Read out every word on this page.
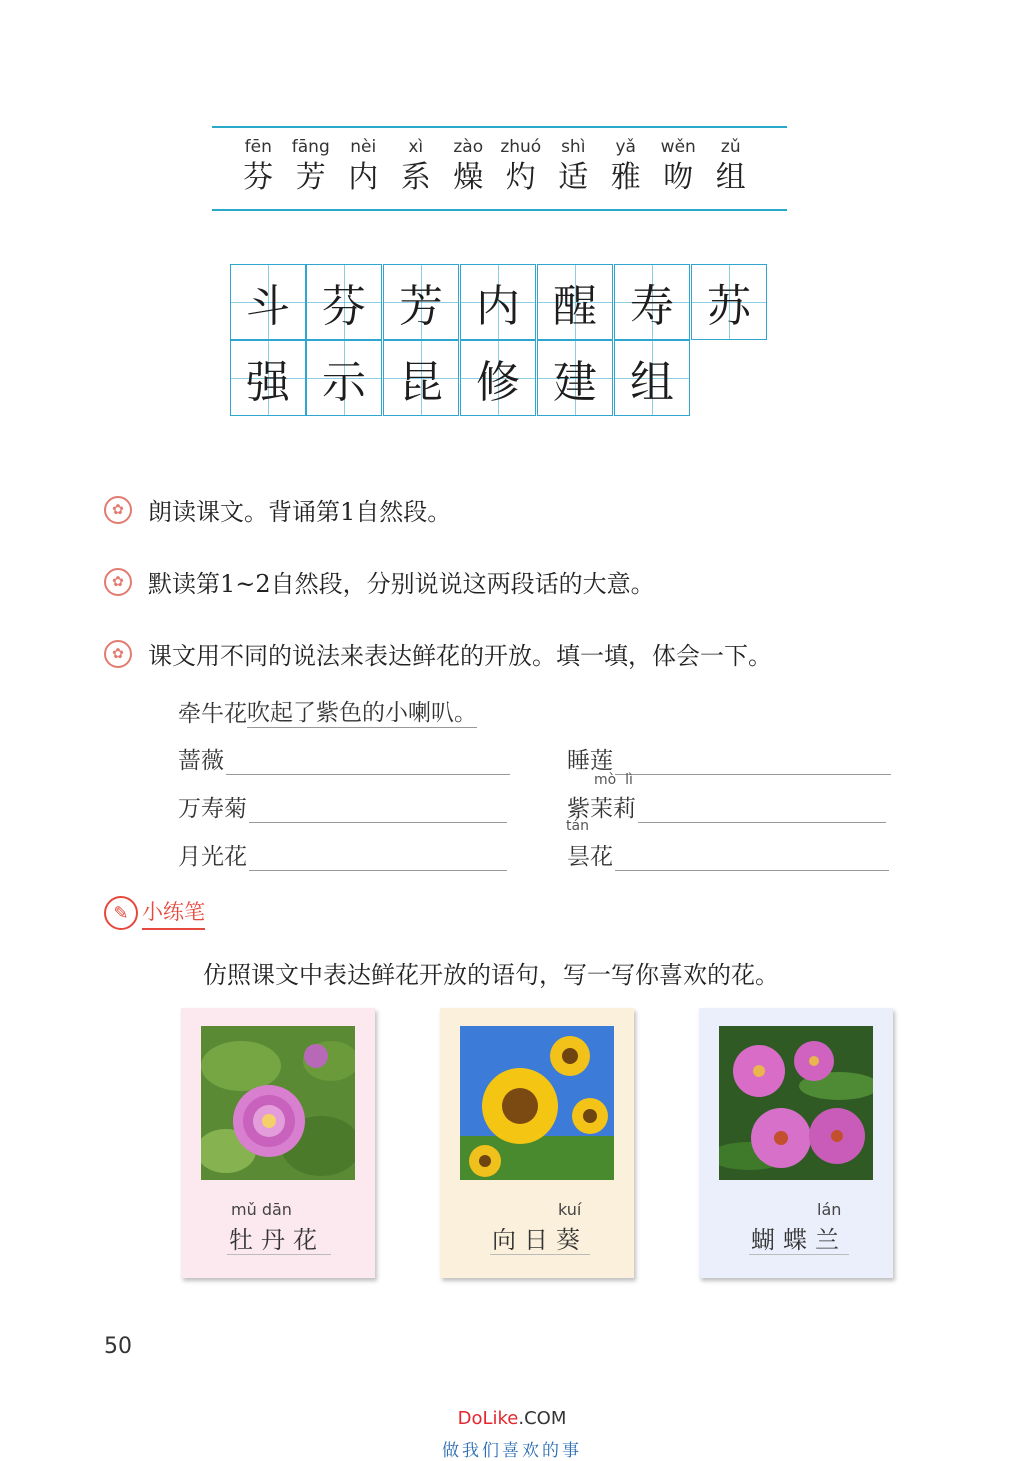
fēn
芬
fāng
芳
nèi
内
xì
系
zào
燥
zhuó
灼
shì
适
yǎ
雅
wěn
吻
zǔ
组
斗 芬 芳 内 醒 寿 苏
强 示 昆 修 建 组
✿	朗读课文。背诵第1自然段。
✿	默读第1~2自然段，分别说说这两段话的大意。
✿	课文用不同的说法来表达鲜花的开放。填一填，体会一下。
牵牛花 吹起了紫色的小喇叭。
蔷薇
万寿菊
月光花
睡莲
mò  lì
紫茉莉
tán
昙花
✎ 小练笔
仿照课文中表达鲜花开放的语句，写一写你喜欢的花。
mǔ dān
牡丹花
kuí
向日葵
lán
蝴蝶兰
50
DoLike.COM
做我们喜欢的事
